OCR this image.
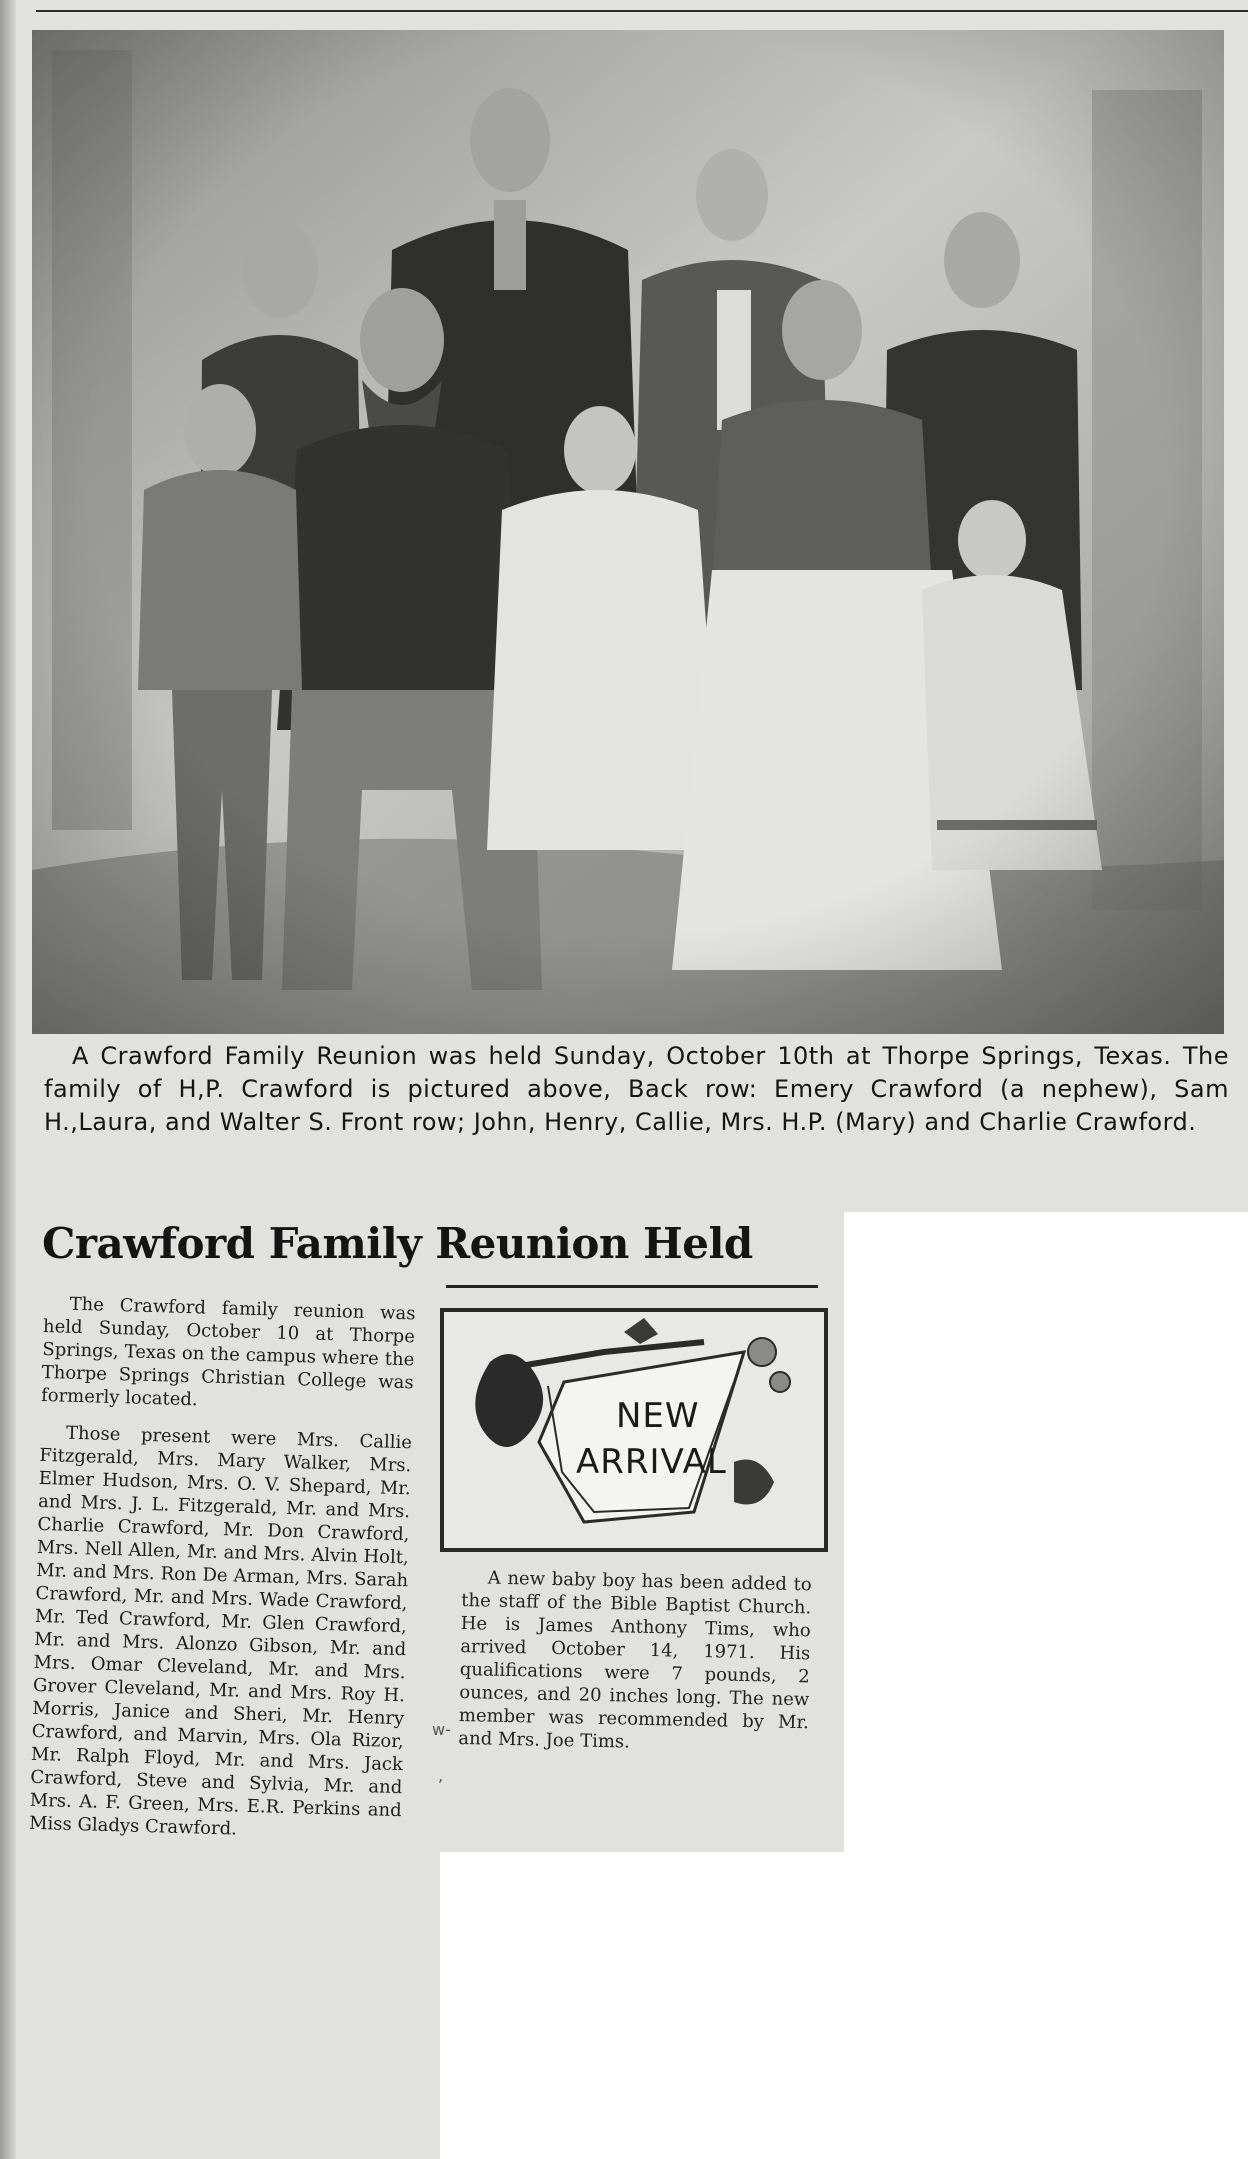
A Crawford Family Reunion was held Sunday, October 10th at Thorpe Springs, Texas. The family of H,P. Crawford is pictured above, Back row: Emery Crawford (a nephew), Sam H.,Laura, and Walter S. Front row; John, Henry, Callie, Mrs. H.P. (Mary) and Charlie Crawford.

Crawford Family Reunion Held

The Crawford family reunion was held Sunday, October 10 at Thorpe Springs, Texas on the campus where the Thorpe Springs Christian College was formerly located.

Those present were Mrs. Callie Fitzgerald, Mrs. Mary Walker, Mrs. Elmer Hudson, Mrs. O. V. Shepard, Mr. and Mrs. J. L. Fitzgerald, Mr. and Mrs. Charlie Crawford, Mr. Don Crawford, Mrs. Nell Allen, Mr. and Mrs. Alvin Holt, Mr. and Mrs. Ron De Arman, Mrs. Sarah Crawford, Mr. and Mrs. Wade Crawford, Mr. Ted Crawford, Mr. Glen Crawford, Mr. and Mrs. Alonzo Gibson, Mr. and Mrs. Omar Cleveland, Mr. and Mrs. Grover Cleveland, Mr. and Mrs. Roy H. Morris, Janice and Sheri, Mr. Henry Crawford, and Marvin, Mrs. Ola Rizor, Mr. Ralph Floyd, Mr. and Mrs. Jack Crawford, Steve and Sylvia, Mr. and Mrs. A. F. Green, Mrs. E.R. Perkins and Miss Gladys Crawford.

NEW
ARRIVAL

A new baby boy has been added to the staff of the Bible Baptist Church. He is James Anthony Tims, who arrived October 14, 1971. His qualifications were 7 pounds, 2 ounces, and 20 inches long. The new member was recommended by Mr. and Mrs. Joe Tims.

w-
,
